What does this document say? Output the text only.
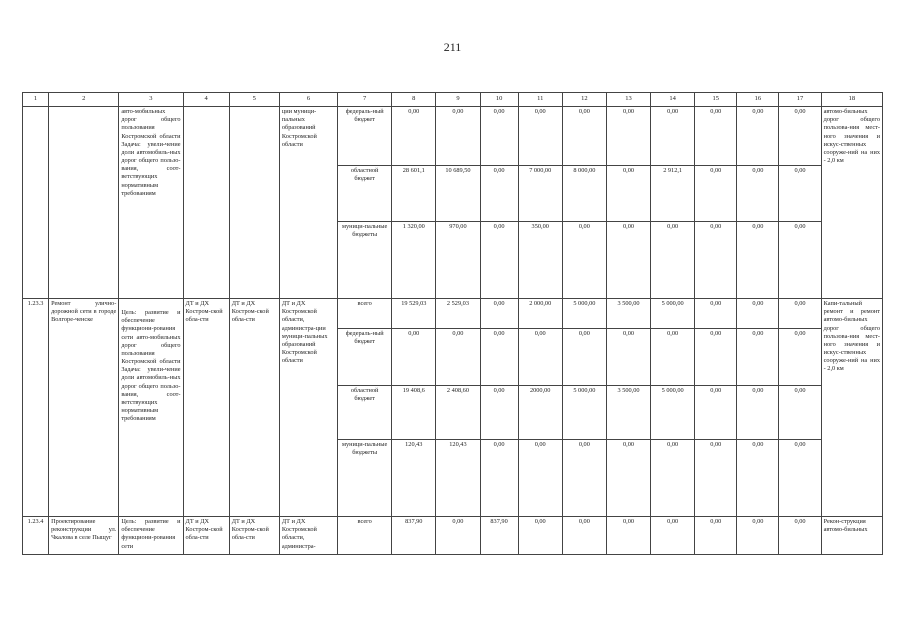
211
1	2	3	4	5	6	7	8	9	10	11	12	13	14	15	16	17	18
		авто-мобильных дорог общего пользования Костромской области Задача: увели-чение доли автомобиль-ных дорог общего пользо-вания, соот-ветствующих нормативным требованиям			ции муници-пальных образований Костромской области	федераль-ный бюджет	0,00	0,00	0,00	0,00	0,00	0,00	0,00	0,00	0,00	0,00	автомо-бильных дорог общего пользова-ния мест-ного значения и искус-ственных сооруже-ний на них - 2,0 км
						областной бюджет	28 601,1	10 689,50	0,00	7 000,00	8 000,00	0,00	2 912,1	0,00	0,00	0,00	
						муници-пальные бюджеты	1 320,00	970,00	0,00	350,00	0,00	0,00	0,00	0,00	0,00	0,00	
1.23.3	Ремонт улично-дорожной сети в городе Волгоре-ченске	Цель: развитие и обеспечение функциони-рования сети авто-мобильных дорог общего пользования Костромской области Задача: увели-чение доли автомобиль-ных дорог общего пользо-вания, соот-ветствующих нормативным требованиям	ДТ и ДХ Костром-ской обла-сти	ДТ и ДХ Костром-ской обла-сти	ДТ и ДХ Костромской области, администра-ции муници-пальных образований Костромской области	всего	19 529,03	2 529,03	0,00	2 000,00	5 000,00	3 500,00	5 000,00	0,00	0,00	0,00	Капи-тальный ремонт и ремонт автомо-бильных дорог общего пользова-ния мест-ного значения и искус-ственных сооруже-ний на них - 2,0 км
						федераль-ный бюджет	0,00	0,00	0,00	0,00	0,00	0,00	0,00	0,00	0,00	0,00	
						областной бюджет	19 408,6	2 408,60	0,00	2000,00	5 000,00	3 500,00	5 000,00	0,00	0,00	0,00	
						муници-пальные бюджеты	120,43	120,43	0,00	0,00	0,00	0,00	0,00	0,00	0,00	0,00	
1.23.4	Проектирование реконструкции ул. Чкалова в селе Пыщуг	Цель: развитие и обеспечение функциони-рования сети	ДТ и ДХ Костром-ской обла-сти	ДТ и ДХ Костром-ской обла-сти	ДТ и ДХ Костромской области, администра-	всего	837,90	0,00	837,90	0,00	0,00	0,00	0,00	0,00	0,00	0,00	Рекон-струкция автомо-бильных
